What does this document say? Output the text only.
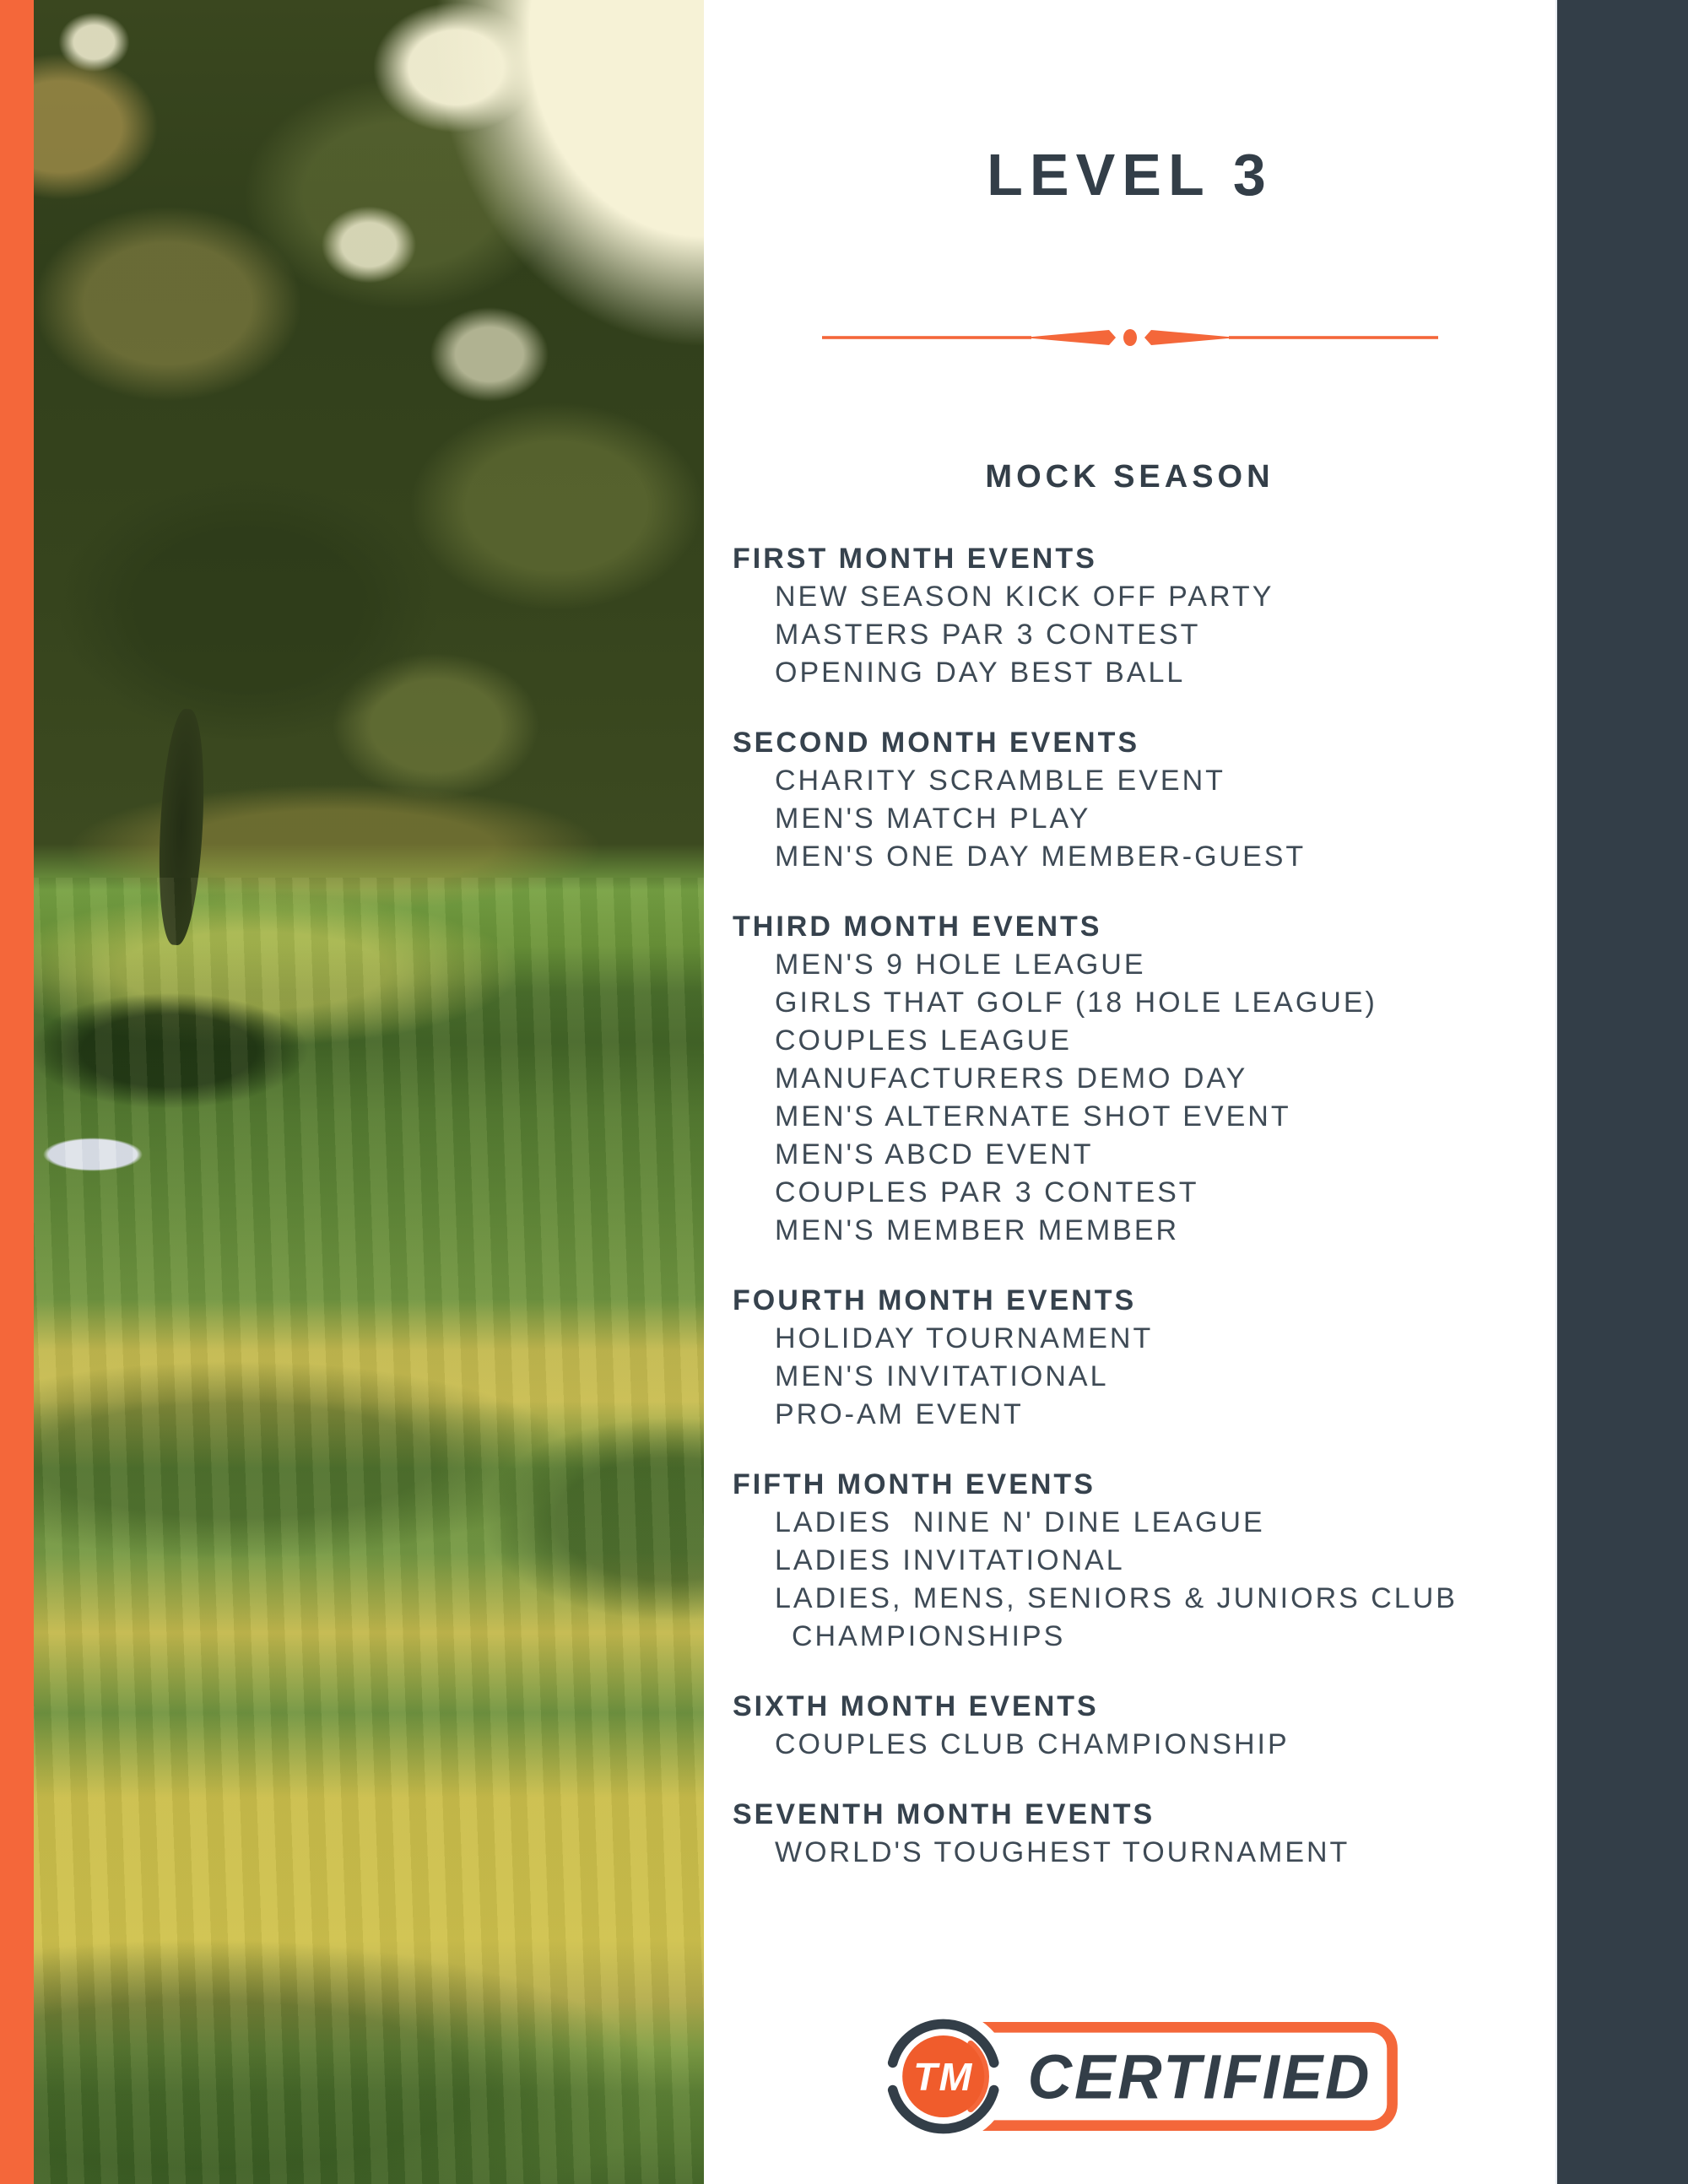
LEVEL 3
MOCK SEASON
FIRST MONTH EVENTS

NEW SEASON KICK OFF PARTY

MASTERS PAR 3 CONTEST

OPENING DAY BEST BALL

SECOND MONTH EVENTS

CHARITY SCRAMBLE EVENT

MEN'S MATCH PLAY

MEN'S ONE DAY MEMBER-GUEST

THIRD MONTH EVENTS

MEN'S 9 HOLE LEAGUE

GIRLS THAT GOLF (18 HOLE LEAGUE)

COUPLES LEAGUE

MANUFACTURERS DEMO DAY

MEN'S ALTERNATE SHOT EVENT

MEN'S ABCD EVENT

COUPLES PAR 3 CONTEST

MEN'S MEMBER MEMBER

FOURTH MONTH EVENTS

HOLIDAY TOURNAMENT

MEN'S INVITATIONAL

PRO-AM EVENT

FIFTH MONTH EVENTS

LADIES  NINE N' DINE LEAGUE

LADIES INVITATIONAL

LADIES, MENS, SENIORS & JUNIORS CLUB CHAMPIONSHIPS

SIXTH MONTH EVENTS

COUPLES CLUB CHAMPIONSHIP

SEVENTH MONTH EVENTS

WORLD'S TOUGHEST TOURNAMENT

TM CERTIFIED
